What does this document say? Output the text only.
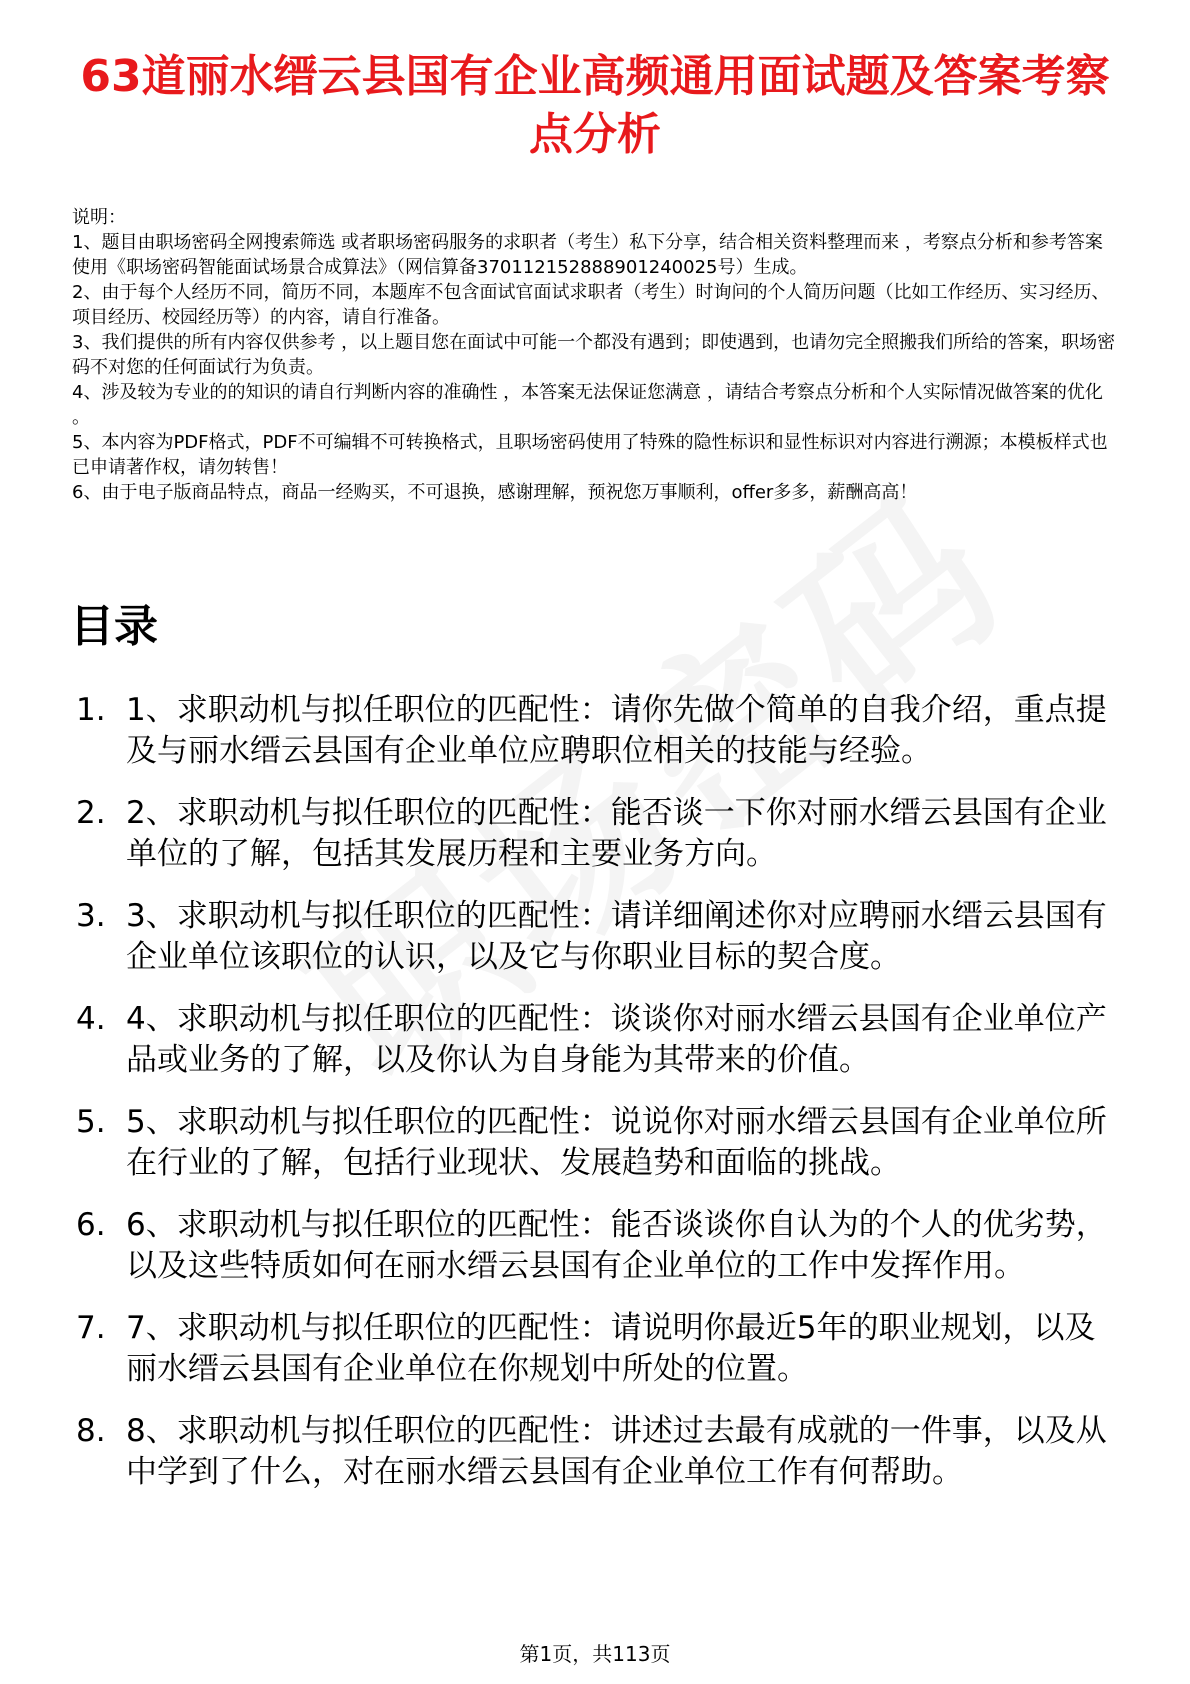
63道丽水缙云县国有企业高频通用面试题及答案考察点分析

说明：

1、题目由职场密码全网搜索筛选 或者职场密码服务的求职者（考生）私下分享，结合相关资料整理而来 ，考察点分析和参考答案使用《职场密码智能面试场景合成算法》（网信算备370112152888901240025号）生成。

2、由于每个人经历不同，简历不同，本题库不包含面试官面试求职者（考生）时询问的个人简历问题（比如工作经历、实习经历、项目经历、校园经历等）的内容，请自行准备。

3、我们提供的所有内容仅供参考 ，以上题目您在面试中可能一个都没有遇到；即使遇到，也请勿完全照搬我们所给的答案，职场密码不对您的任何面试行为负责。

4、涉及较为专业的的知识的请自行判断内容的准确性 ，本答案无法保证您满意 ，请结合考察点分析和个人实际情况做答案的优化 。

5、本内容为PDF格式，PDF不可编辑不可转换格式，且职场密码使用了特殊的隐性标识和显性标识对内容进行溯源；本模板样式也已申请著作权，请勿转售！

6、由于电子版商品特点，商品一经购买，不可退换，感谢理解，预祝您万事顺利，offer多多，薪酬高高！

目录
1. 1、求职动机与拟任职位的匹配性：请你先做个简单的自我介绍，重点提及与丽水缙云县国有企业单位应聘职位相关的技能与经验。
2. 2、求职动机与拟任职位的匹配性：能否谈一下你对丽水缙云县国有企业单位的了解，包括其发展历程和主要业务方向。
3. 3、求职动机与拟任职位的匹配性：请详细阐述你对应聘丽水缙云县国有企业单位该职位的认识，以及它与你职业目标的契合度。
4. 4、求职动机与拟任职位的匹配性：谈谈你对丽水缙云县国有企业单位产品或业务的了解，以及你认为自身能为其带来的价值。
5. 5、求职动机与拟任职位的匹配性：说说你对丽水缙云县国有企业单位所在行业的了解，包括行业现状、发展趋势和面临的挑战。
6. 6、求职动机与拟任职位的匹配性：能否谈谈你自认为的个人的优劣势，以及这些特质如何在丽水缙云县国有企业单位的工作中发挥作用。
7. 7、求职动机与拟任职位的匹配性：请说明你最近5年的职业规划，以及丽水缙云县国有企业单位在你规划中所处的位置。
8. 8、求职动机与拟任职位的匹配性：讲述过去最有成就的一件事，以及从中学到了什么，对在丽水缙云县国有企业单位工作有何帮助。
第1页，共113页
